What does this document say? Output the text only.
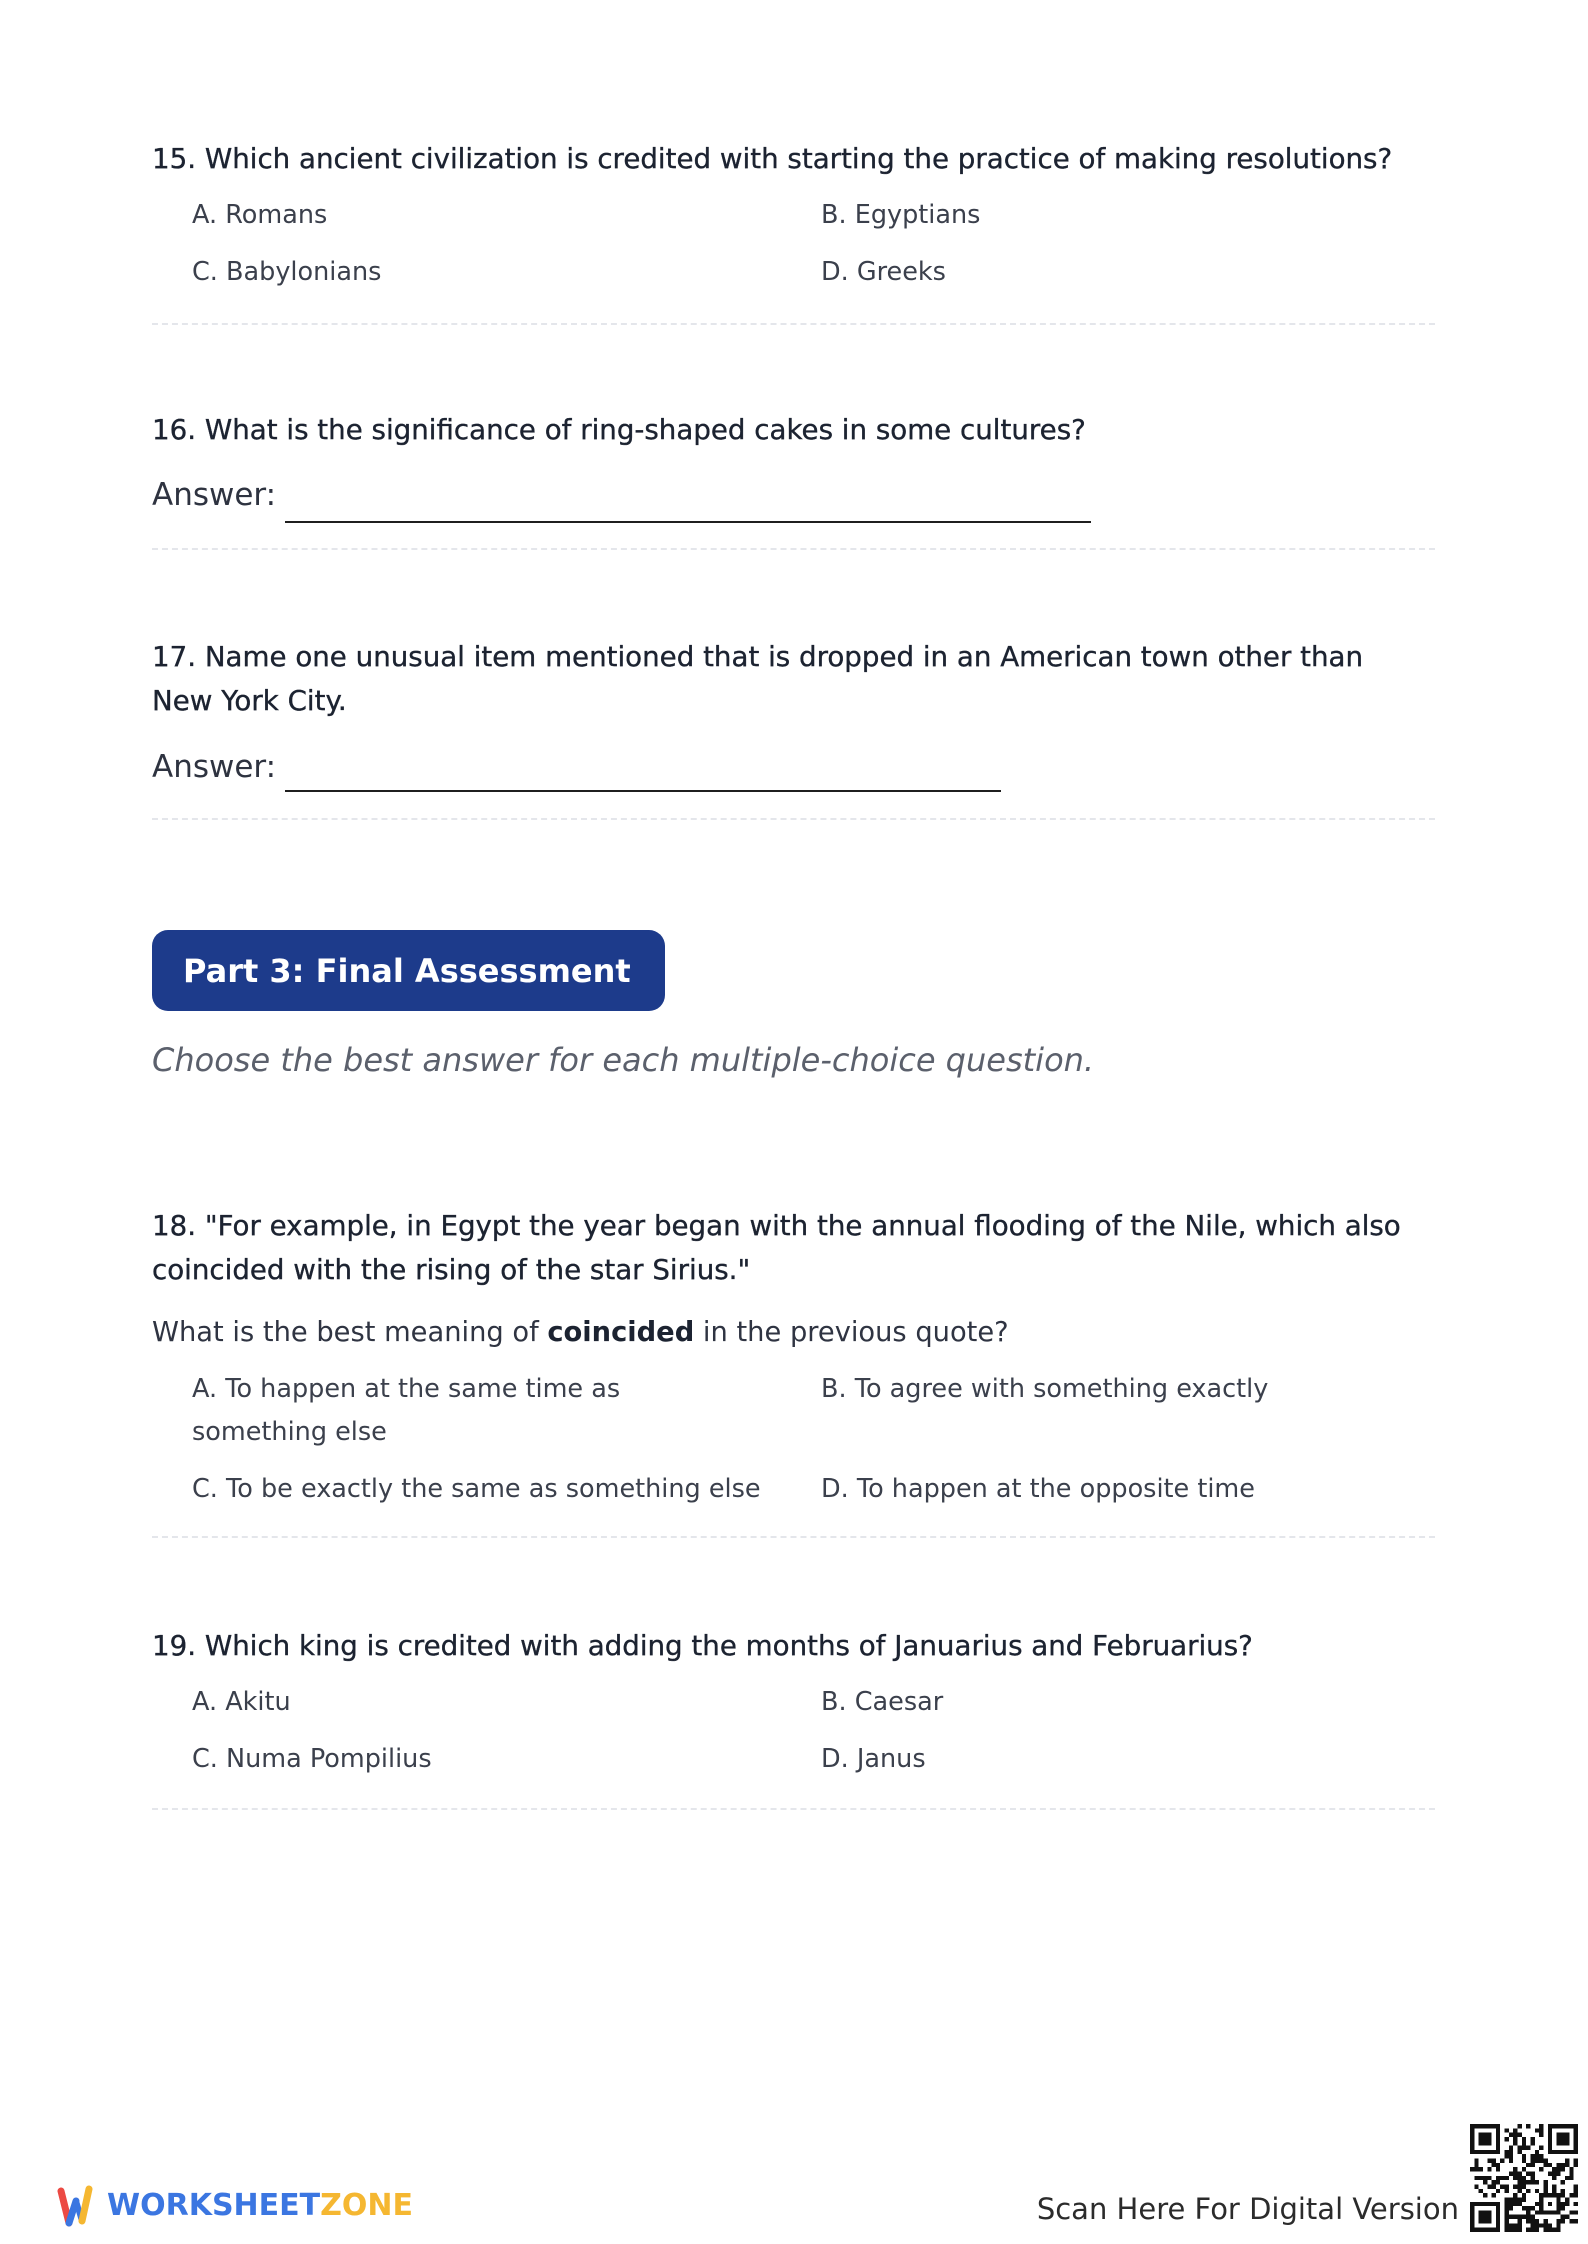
15. Which ancient civilization is credited with starting the practice of making resolutions?
A. Romans	B. Egyptians
C. Babylonians	D. Greeks
16. What is the significance of ring-shaped cakes in some cultures?
Answer:
17. Name one unusual item mentioned that is dropped in an American town other than New York City.
Answer:
Part 3: Final Assessment
Choose the best answer for each multiple-choice question.
18. "For example, in Egypt the year began with the annual flooding of the Nile, which also coincided with the rising of the star Sirius."
What is the best meaning of coincided in the previous quote?
A. To happen at the same time as something else
B. To agree with something exactly
C. To be exactly the same as something else	D. To happen at the opposite time
19. Which king is credited with adding the months of Januarius and Februarius?
A. Akitu	B. Caesar
C. Numa Pompilius	D. Janus
WORKSHEETZONE	Scan Here For Digital Version
